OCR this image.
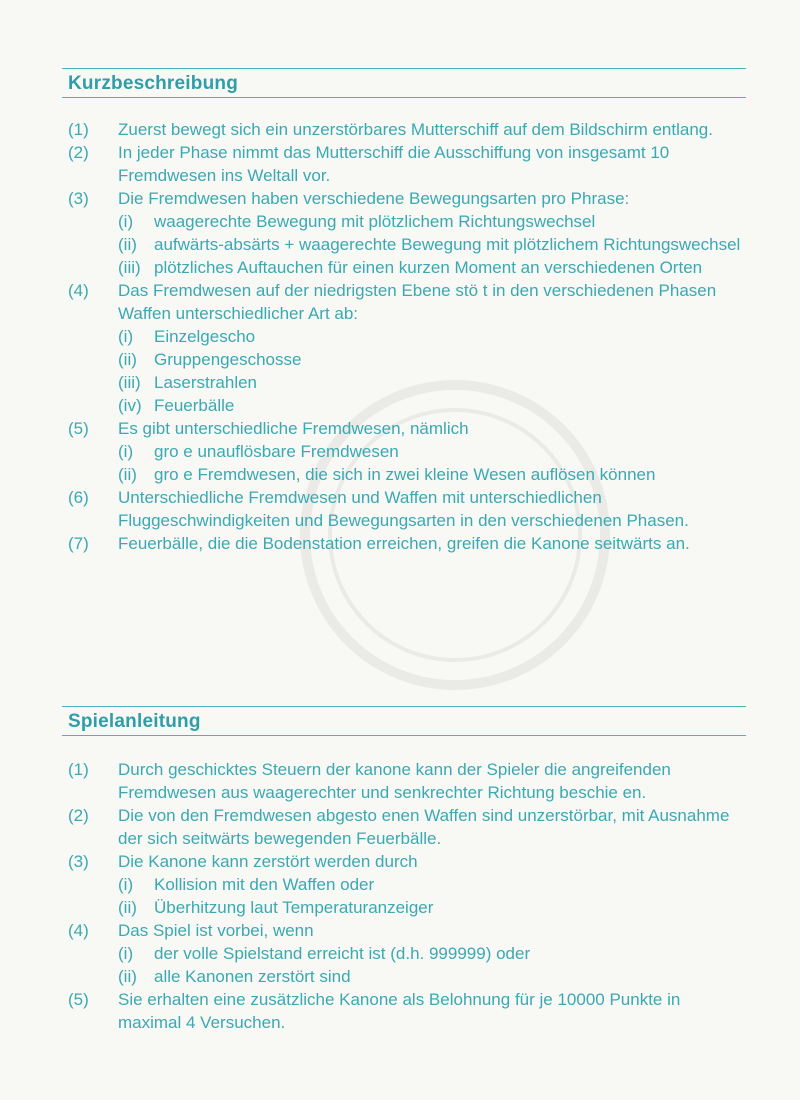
Kurzbeschreibung
(1)	Zuerst bewegt sich ein unzerstörbares Mutterschiff auf dem Bildschirm entlang.
(2)	In jeder Phase nimmt das Mutterschiff die Ausschiffung von insgesamt 10 Fremdwesen ins Weltall vor.
(3)	Die Fremdwesen haben verschiedene Bewegungsarten pro Phrase:
(i)	waagerechte Bewegung mit plötzlichem Richtungswechsel
(ii)	aufwärts-absärts + waagerechte Bewegung mit plötzlichem Richtungswechsel
(iii) plötzliches Auftauchen für einen kurzen Moment an verschiedenen Orten
(4)	Das Fremdwesen auf der niedrigsten Ebene stö t in den verschiedenen Phasen Waffen unterschiedlicher Art ab:
(i)	Einzelgescho
(ii)	Gruppengeschosse
(iii) Laserstrahlen
(iv) Feuerbälle
(5)	Es gibt unterschiedliche Fremdwesen, nämlich
(i)	gro e unauflösbare Fremdwesen
(ii)	gro e Fremdwesen, die sich in zwei kleine Wesen auflösen können
(6)	Unterschiedliche Fremdwesen und Waffen mit unterschiedlichen Fluggeschwindigkeiten und Bewegungsarten in den verschiedenen Phasen.
(7)	Feuerbälle, die die Bodenstation erreichen, greifen die Kanone seitwärts an.
Spielanleitung
(1)	Durch geschicktes Steuern der kanone kann der Spieler die angreifenden Fremdwesen aus waagerechter und senkrechter Richtung beschie en.
(2)	Die von den Fremdwesen abgesto enen Waffen sind unzerstörbar, mit Ausnahme der sich seitwärts bewegenden Feuerbälle.
(3)	Die Kanone kann zerstört werden durch
(i)	Kollision mit den Waffen oder
(ii)	Überhitzung laut Temperaturanzeiger
(4)	Das Spiel ist vorbei, wenn
(i)	der volle Spielstand erreicht ist (d.h. 999999) oder
(ii)	alle Kanonen zerstört sind
(5)	Sie erhalten eine zusätzliche Kanone als Belohnung für je 10000 Punkte in maximal 4 Versuchen.
